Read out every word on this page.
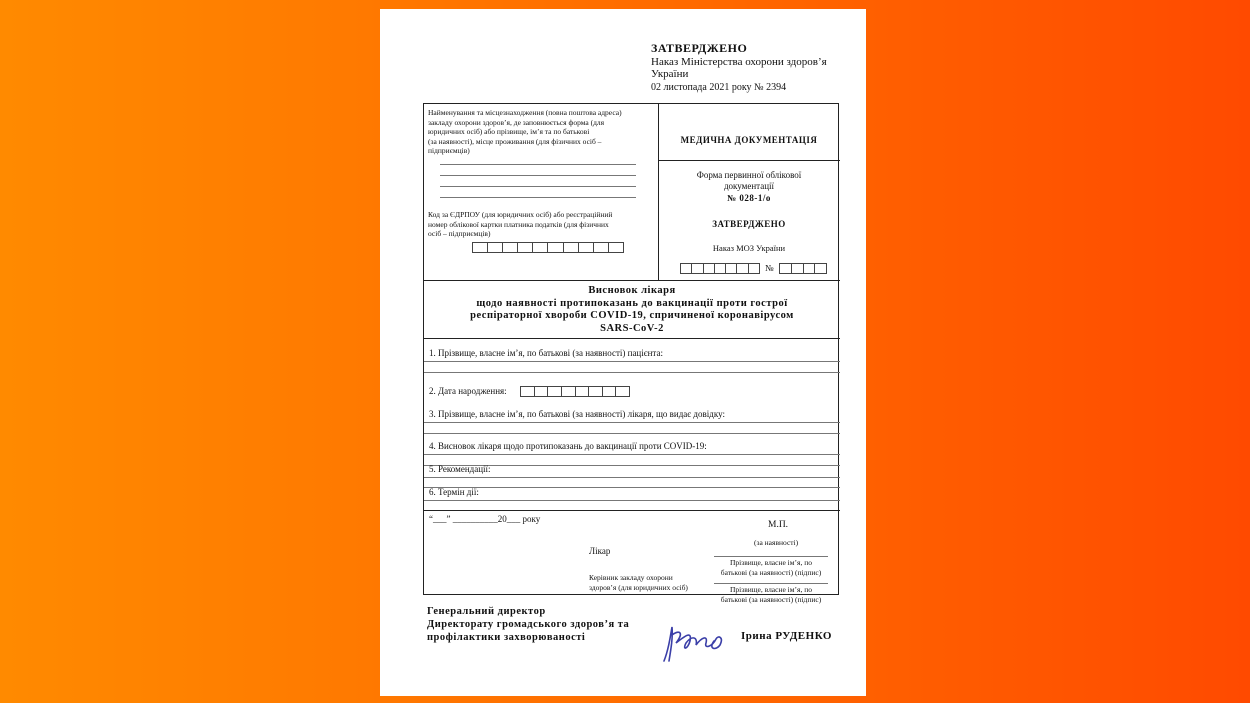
ЗАТВЕРДЖЕНО
Наказ Міністерства охорони здоров’я
України
02 листопада 2021 року № 2394
Найменування та місцезнаходження (повна поштова адреса)
закладу охорони здоров’я, де заповнюється форма (для
юридичних осіб) або прізвище, ім’я та по батькові
(за наявності), місце проживання (для фізичних осіб –
підприємців)
Код за ЄДРПОУ (для юридичних осіб) або реєстраційний
номер облікової картки платника податків (для фізичних
осіб – підприємців)
МЕДИЧНА ДОКУМЕНТАЦІЯ
Форма первинної облікової
документації
№ 028-1/о
ЗАТВЕРДЖЕНО
Наказ МОЗ України
№
Висновок лікаря
щодо наявності протипоказань до вакцинації проти гострої
респіраторної хвороби COVID-19, спричиненої коронавірусом
SARS-CoV-2
1. Прізвище, власне ім’я, по батькові (за наявності) пацієнта:
2. Дата народження:
3. Прізвище, власне ім’я, по батькові (за наявності) лікаря, що видає довідку:
4. Висновок лікаря щодо протипоказань до вакцинації проти COVID-19:
5. Рекомендації:
6. Термін дії:
“___” __________20___ року
М.П.
(за наявності)
Лікар
Прізвище, власне ім’я, по
батькові (за наявності) (підпис)
Керівник закладу охорони
здоров’я (для юридичних осіб)	Прізвище, власне ім’я, по
батькові (за наявності) (підпис)
Генеральний директор
Директорату громадського здоров’я та
профілактики захворюваності	Ірина РУДЕНКО
